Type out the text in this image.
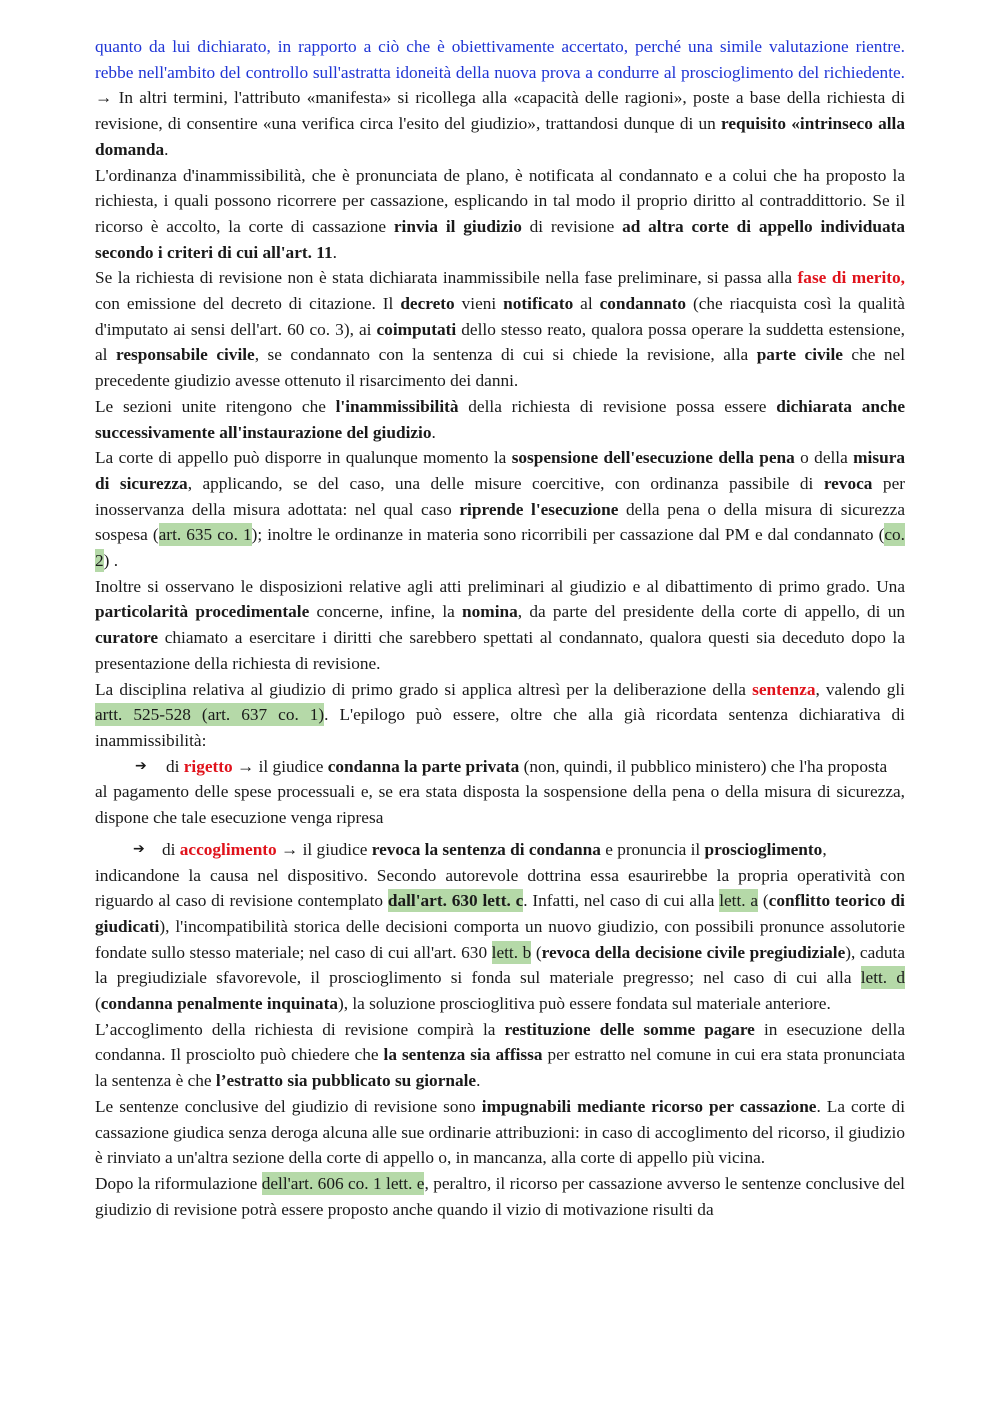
quanto da lui dichiarato, in rapporto a ciò che è obiettivamente accertato, perché una simile valutazione rientre. rebbe nell'ambito del controllo sull'astratta idoneità della nuova prova a condurre al proscioglimento del richiedente. → In altri termini, l'attributo «manifesta» si ricollega alla «capacità delle ragioni», poste a base della richiesta di revisione, di consentire «una verifica circa l'esito del giudizio», trattandosi dunque di un requisito «intrinseco alla domanda.

L'ordinanza d'inammissibilità, che è pronunciata de plano, è notificata al condannato e a colui che ha proposto la richiesta, i quali possono ricorrere per cassazione, esplicando in tal modo il proprio diritto al contraddittorio. Se il ricorso è accolto, la corte di cassazione rinvia il giudizio di revisione ad altra corte di appello individuata secondo i criteri di cui all'art. 11.

Se la richiesta di revisione non è stata dichiarata inammissibile nella fase preliminare, si passa alla fase di merito, con emissione del decreto di citazione. Il decreto vieni notificato al condannato (che riacquista così la qualità d'imputato ai sensi dell'art. 60 co. 3), ai coimputati dello stesso reato, qualora possa operare la suddetta estensione, al responsabile civile, se condannato con la sentenza di cui si chiede la revisione, alla parte civile che nel precedente giudizio avesse ottenuto il risarcimento dei danni.

Le sezioni unite ritengono che l'inammissibilità della richiesta di revisione possa essere dichiarata anche successivamente all'instaurazione del giudizio.

La corte di appello può disporre in qualunque momento la sospensione dell'esecuzione della pena o della misura di sicurezza, applicando, se del caso, una delle misure coercitive, con ordinanza passibile di revoca per inosservanza della misura adottata: nel qual caso riprende l'esecuzione della pena o della misura di sicurezza sospesa (art. 635 co. 1); inoltre le ordinanze in materia sono ricorribili per cassazione dal PM e dal condannato (co. 2) .

Inoltre si osservano le disposizioni relative agli atti preliminari al giudizio e al dibattimento di primo grado. Una particolarità procedimentale concerne, infine, la nomina, da parte del presidente della corte di appello, di un curatore chiamato a esercitare i diritti che sarebbero spettati al condannato, qualora questi sia deceduto dopo la presentazione della richiesta di revisione.

La disciplina relativa al giudizio di primo grado si applica altresì per la deliberazione della sentenza, valendo gli artt. 525-528 (art. 637 co. 1). L'epilogo può essere, oltre che alla già ricordata sentenza dichiarativa di inammissibilità:

➔ di rigetto → il giudice condanna la parte privata (non, quindi, il pubblico ministero) che l'ha proposta

al pagamento delle spese processuali e, se era stata disposta la sospensione della pena o della misura di sicurezza, dispone che tale esecuzione venga ripresa

➔ di accoglimento → il giudice revoca la sentenza di condanna e pronuncia il proscioglimento,

indicandone la causa nel dispositivo. Secondo autorevole dottrina essa esaurirebbe la propria operatività con riguardo al caso di revisione contemplato dall'art. 630 lett. c. Infatti, nel caso di cui alla lett. a (conflitto teorico di giudicati), l'incompatibilità storica delle decisioni comporta un nuovo giudizio, con possibili pronunce assolutorie fondate sullo stesso materiale; nel caso di cui all'art. 630 lett. b (revoca della decisione civile pregiudiziale), caduta la pregiudiziale sfavorevole, il proscioglimento si fonda sul materiale pregresso; nel caso di cui alla lett. d (condanna penalmente inquinata), la soluzione proscioglitiva può essere fondata sul materiale anteriore.

L’accoglimento della richiesta di revisione compirà la restituzione delle somme pagare in esecuzione della condanna. Il prosciolto può chiedere che la sentenza sia affissa per estratto nel comune in cui era stata pronunciata la sentenza è che l’estratto sia pubblicato su giornale.

Le sentenze conclusive del giudizio di revisione sono impugnabili mediante ricorso per cassazione. La corte di cassazione giudica senza deroga alcuna alle sue ordinarie attribuzioni: in caso di accoglimento del ricorso, il giudizio è rinviato a un'altra sezione della corte di appello o, in mancanza, alla corte di appello più vicina.

Dopo la riformulazione dell'art. 606 co. 1 lett. e, peraltro, il ricorso per cassazione avverso le sentenze conclusive del giudizio di revisione potrà essere proposto anche quando il vizio di motivazione risulti da
